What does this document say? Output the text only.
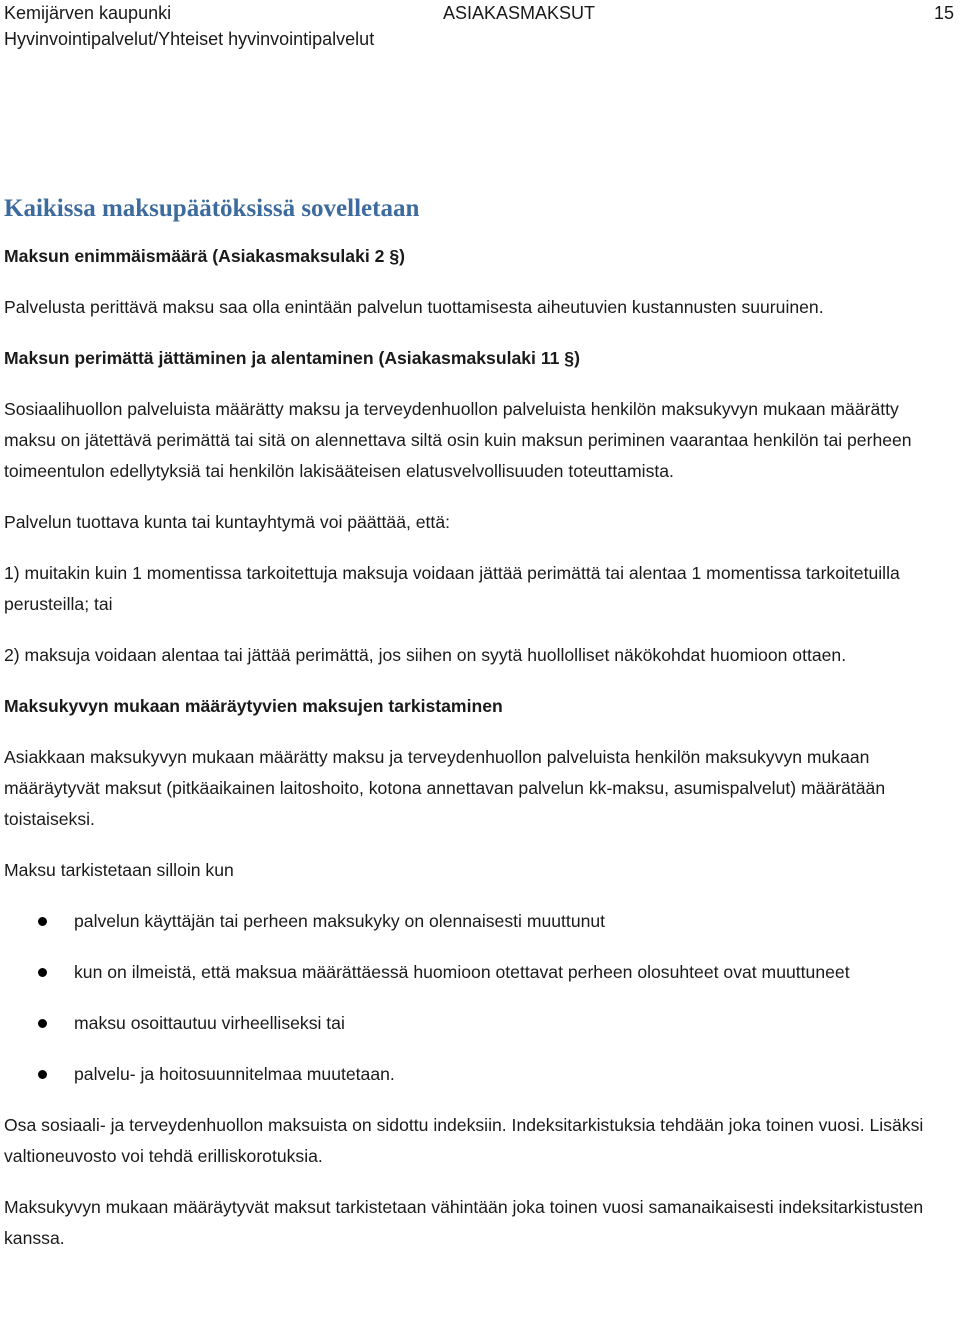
Kemijärven kaupunki
Hyvinvointipalvelut/Yhteiset hyvinvointipalvelut
ASIAKASMAKSUT	15
Kaikissa maksupäätöksissä sovelletaan

Maksun enimmäismäärä (Asiakasmaksulaki 2 §)

Palvelusta perittävä maksu saa olla enintään palvelun tuottamisesta aiheutuvien kustannusten suuruinen.

Maksun perimättä jättäminen ja alentaminen (Asiakasmaksulaki 11 §)

Sosiaalihuollon palveluista määrätty maksu ja terveydenhuollon palveluista henkilön maksukyvyn mukaan määrätty maksu on jätettävä perimättä tai sitä on alennettava siltä osin kuin maksun periminen vaarantaa henkilön tai perheen toimeentulon edellytyksiä tai henkilön lakisääteisen elatusvelvollisuuden toteuttamista.

Palvelun tuottava kunta tai kuntayhtymä voi päättää, että:

1) muitakin kuin 1 momentissa tarkoitettuja maksuja voidaan jättää perimättä tai alentaa 1 momentissa tarkoitetuilla perusteilla; tai

2) maksuja voidaan alentaa tai jättää perimättä, jos siihen on syytä huollolliset näkökohdat huomioon ottaen.

Maksukyvyn mukaan määräytyvien maksujen tarkistaminen

Asiakkaan maksukyvyn mukaan määrätty maksu ja terveydenhuollon palveluista henkilön maksukyvyn mukaan määräytyvät maksut (pitkäaikainen laitoshoito, kotona annettavan palvelun kk-maksu, asumispalvelut) määrätään toistaiseksi.

Maksu tarkistetaan silloin kun

palvelun käyttäjän tai perheen maksukyky on olennaisesti muuttunut
kun on ilmeistä, että maksua määrättäessä huomioon otettavat perheen olosuhteet ovat muuttuneet
maksu osoittautuu virheelliseksi tai
palvelu- ja hoitosuunnitelmaa muutetaan.

Osa sosiaali- ja terveydenhuollon maksuista on sidottu indeksiin. Indeksitarkistuksia tehdään joka toinen vuosi. Lisäksi valtioneuvosto voi tehdä erilliskorotuksia.

Maksukyvyn mukaan määräytyvät maksut tarkistetaan vähintään joka toinen vuosi samanaikaisesti indeksitarkistusten kanssa.
